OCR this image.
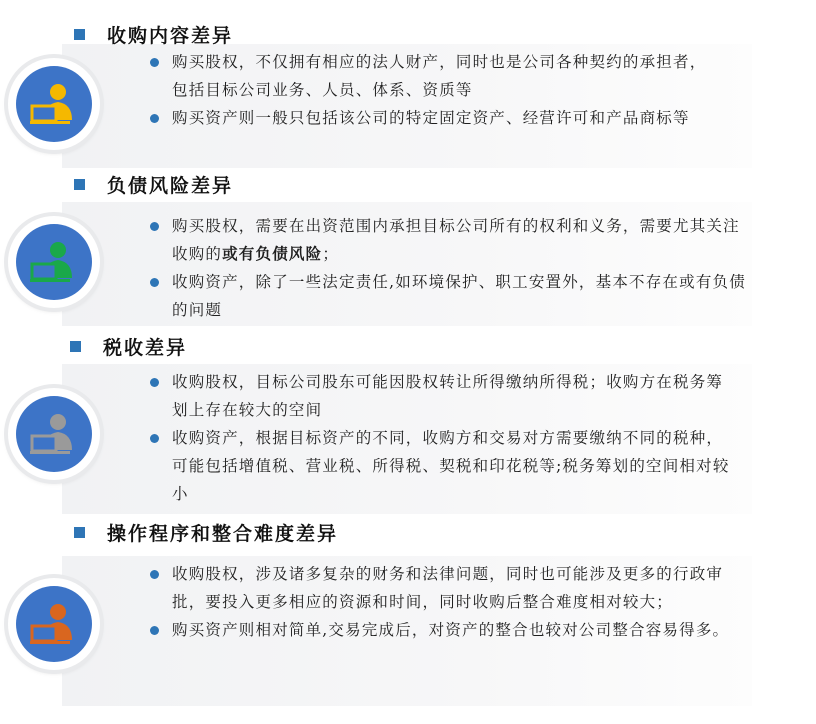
收购内容差异
购买股权，不仅拥有相应的法人财产，同时也是公司各种契约的承担者，包括目标公司业务、人员、体系、资质等
购买资产则一般只包括该公司的特定固定资产、经营许可和产品商标等
负债风险差异
购买股权，需要在出资范围内承担目标公司所有的权利和义务，需要尤其关注收购的或有负债风险；
收购资产，除了一些法定责任,如环境保护、职工安置外，基本不存在或有负债的问题
税收差异
收购股权，目标公司股东可能因股权转让所得缴纳所得税；收购方在税务筹划上存在较大的空间
收购资产，根据目标资产的不同，收购方和交易对方需要缴纳不同的税种，可能包括增值税、营业税、所得税、契税和印花税等;税务筹划的空间相对较小
操作程序和整合难度差异
收购股权，涉及诸多复杂的财务和法律问题，同时也可能涉及更多的行政审批，要投入更多相应的资源和时间，同时收购后整合难度相对较大；
购买资产则相对简单,交易完成后，对资产的整合也较对公司整合容易得多。
